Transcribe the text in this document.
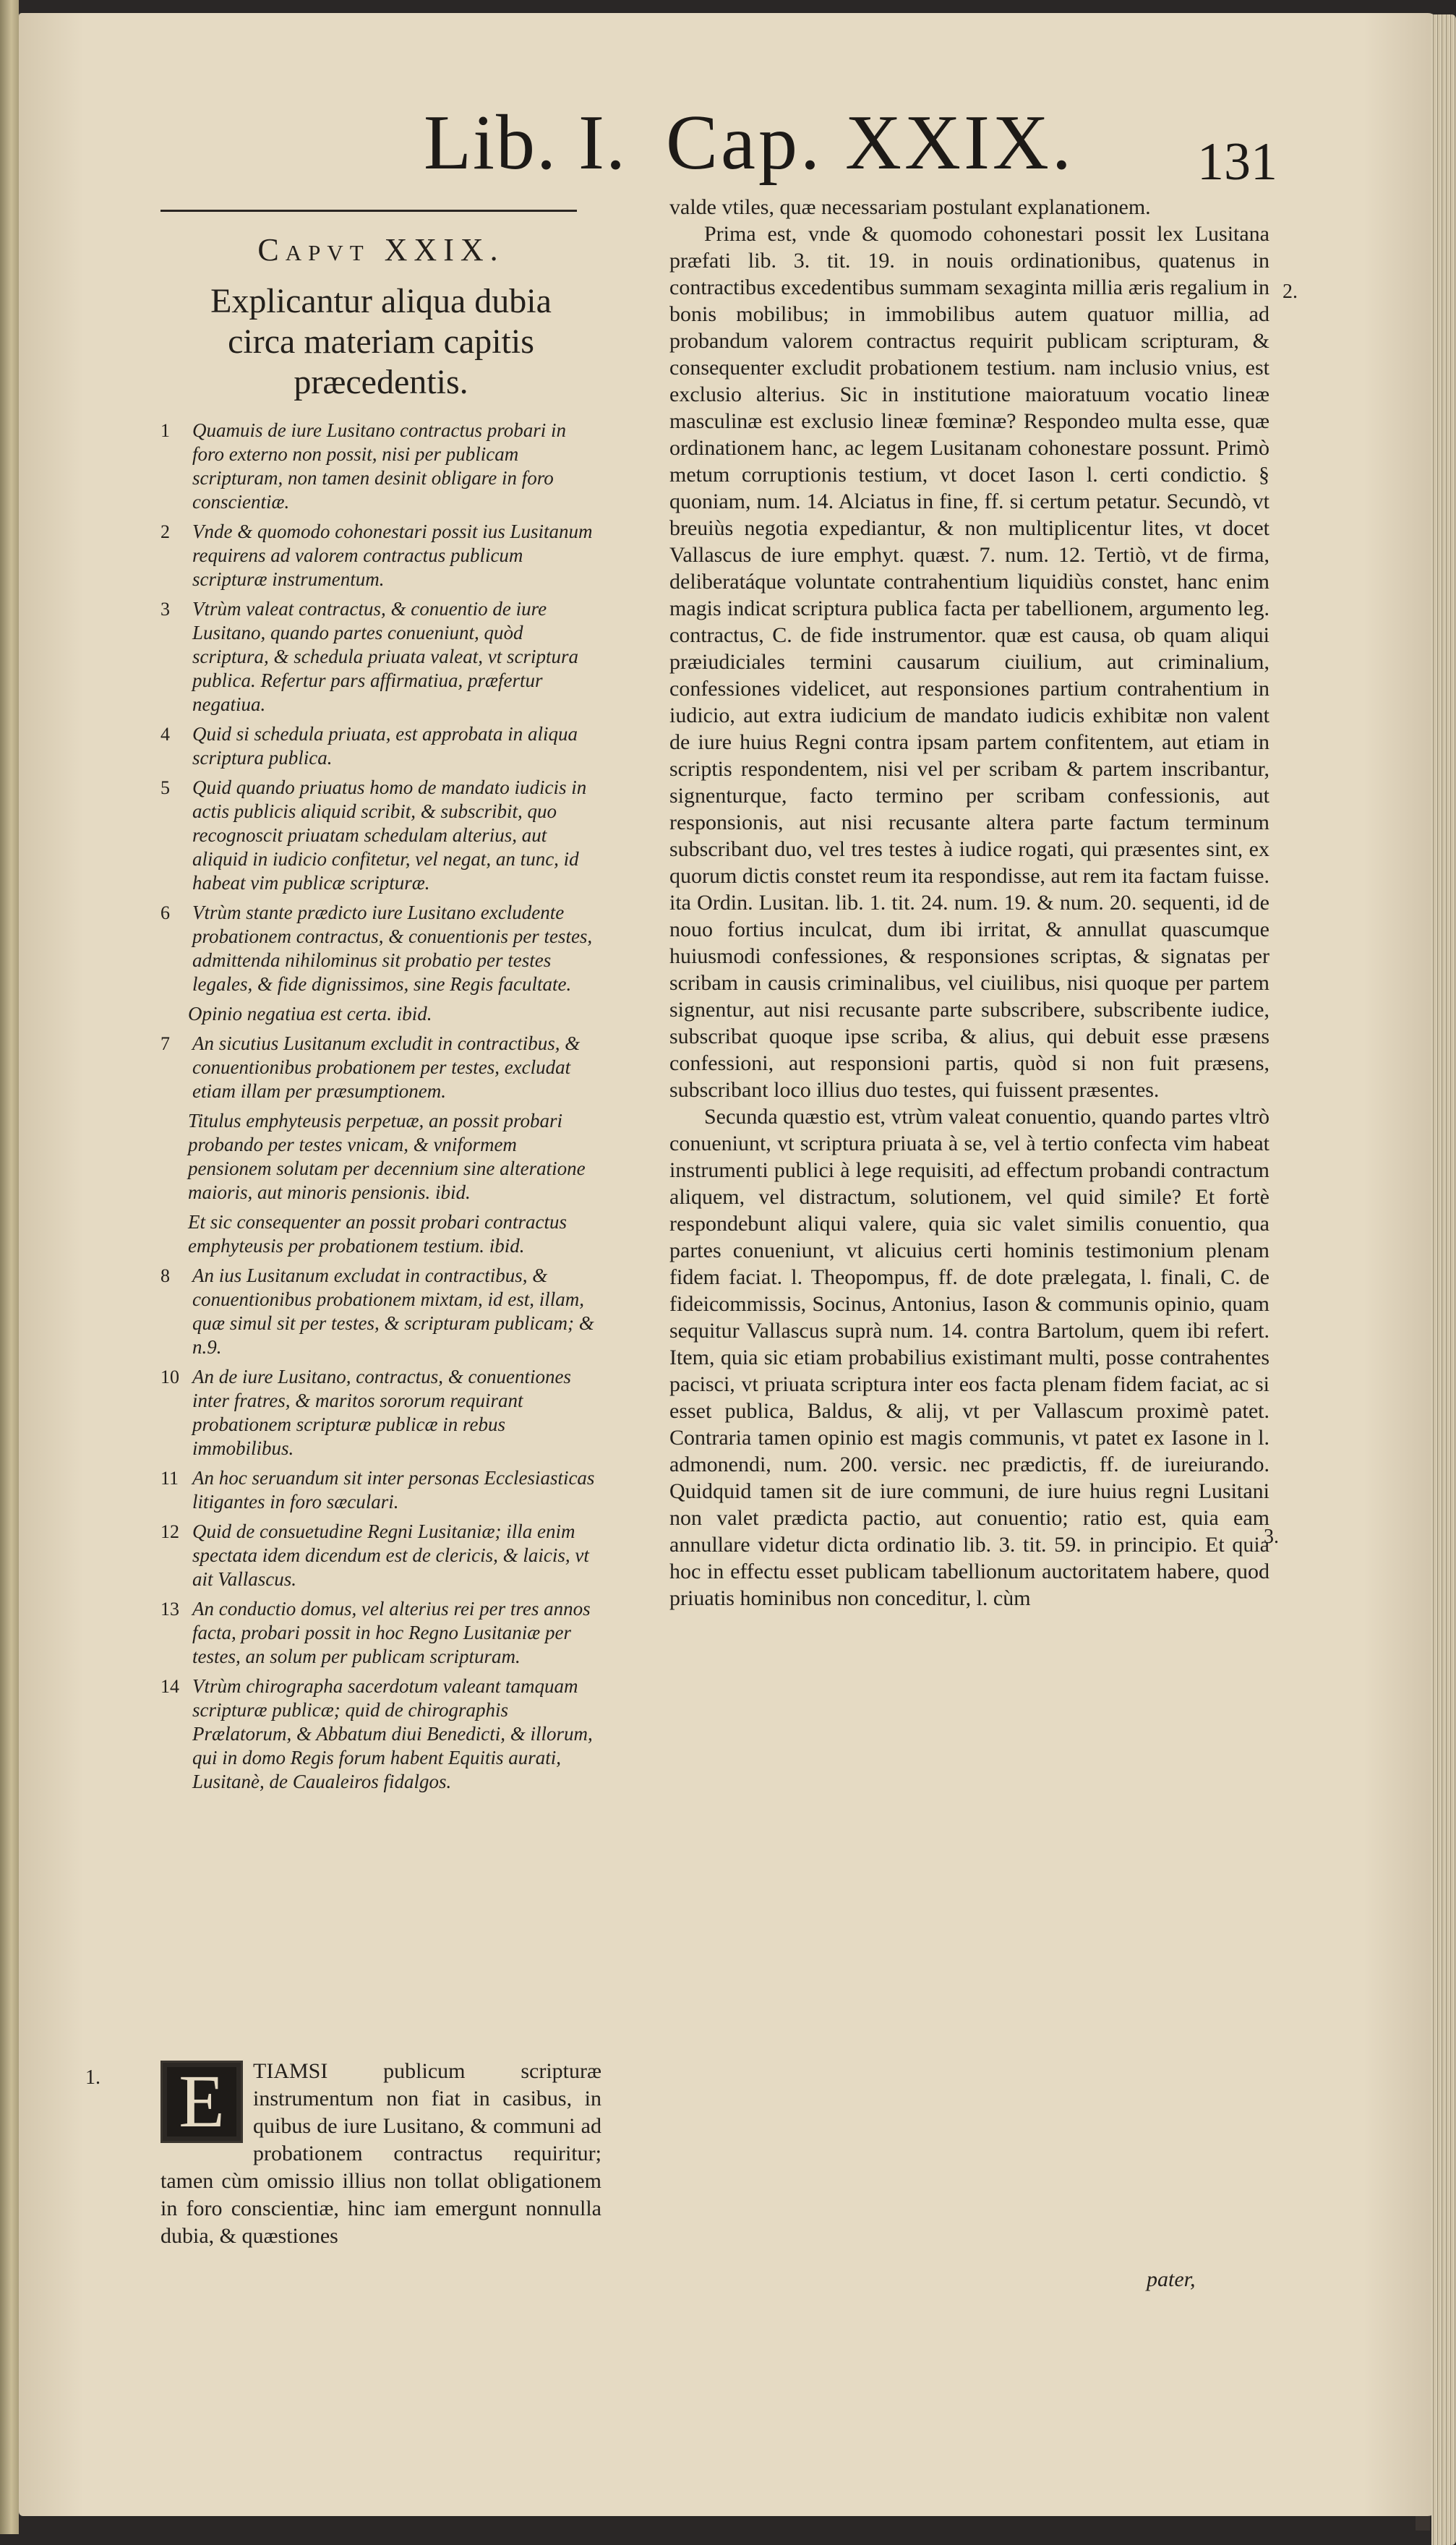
Lib. I. Cap. XXIX. 131
Capvt XXIX.
Explicantur aliqua dubia circa materiam capitis præcedentis.
1	Quamuis de iure Lusitano contractus probari in foro externo non possit, nisi per publicam scripturam, non tamen desinit obligare in foro conscientiæ.
2	Vnde & quomodo cohonestari possit ius Lusitanum requirens ad valorem contractus publicum scripturæ instrumentum.
3	Vtrùm valeat contractus, & conuentio de iure Lusitano, quando partes conueniunt, quòd scriptura, & schedula priuata valeat, vt scriptura publica. Refertur pars affirmatiua, præfertur negatiua.
4	Quid si schedula priuata, est approbata in aliqua scriptura publica.
5	Quid quando priuatus homo de mandato iudicis in actis publicis aliquid scribit, & subscribit, quo recognoscit priuatam schedulam alterius, aut aliquid in iudicio confitetur, vel negat, an tunc, id habeat vim publicæ scripturæ.
6	Vtrùm stante prædicto iure Lusitano excludente probationem contractus, & conuentionis per testes, admittenda nihilominus sit probatio per testes legales, & fide dignissimos, sine Regis facultate.
Opinio negatiua est certa. ibid.
7	An sicutius Lusitanum excludit in contractibus, & conuentionibus probationem per testes, excludat etiam illam per præsumptionem.
Titulus emphyteusis perpetuæ, an possit probari probando per testes vnicam, & vniformem pensionem solutam per decennium sine alteratione maioris, aut minoris pensionis. ibid.
Et sic consequenter an possit probari contractus emphyteusis per probationem testium. ibid.
8	An ius Lusitanum excludat in contractibus, & conuentionibus probationem mixtam, id est, illam, quæ simul sit per testes, & scripturam publicam; & n.9.
10 An de iure Lusitano, contractus, & conuentiones inter fratres, & maritos sororum requirant probationem scripturæ publicæ in rebus immobilibus.
11 An hoc seruandum sit inter personas Ecclesiasticas litigantes in foro sæculari.
12 Quid de consuetudine Regni Lusitaniæ; illa enim spectata idem dicendum est de clericis, & laicis, vt ait Vallascus.
13 An conductio domus, vel alterius rei per tres annos facta, probari possit in hoc Regno Lusitaniæ per testes, an solum per publicam scripturam.
14 Vtrùm chirographa sacerdotum valeant tamquam scripturæ publicæ; quid de chirographis Prælatorum, & Abbatum diui Benedicti, & illorum, qui in domo Regis forum habent Equitis aurati, Lusitanè, de Caualeiros fidalgos.
1. E	TIAMSI publicum scripturæ instrumentum non fiat in casibus, in quibus de iure Lusitano, & communi ad probationem contractus requiritur; tamen cùm omissio illius non tollat obligationem in foro conscientiæ, hinc iam emergunt nonnulla dubia, & quæstiones

valde vtiles, quæ necessariam postulant explanationem.

Prima est, vnde & quomodo cohonestari possit lex Lusitana præfati lib. 3. tit. 19. in nouis ordinationibus, quatenus in contractibus excedentibus summam sexaginta millia æris regalium in bonis mobilibus; in immobilibus autem quatuor millia, ad probandum valorem contractus requirit publicam scripturam, & consequenter excludit probationem testium. nam inclusio vnius, est exclusio alterius. Sic in institutione maioratuum vocatio lineæ masculinæ est exclusio lineæ fœminæ? Respondeo multa esse, quæ ordinationem hanc, ac legem Lusitanam cohonestare possunt. Primò metum corruptionis testium, vt docet Iason l. certi condictio. § quoniam, num. 14. Alciatus in fine, ff. si certum petatur. Secundò, vt breuiùs negotia expediantur, & non multiplicentur lites, vt docet Vallascus de iure emphyt. quæst. 7. num. 12. Tertiò, vt de firma, deliberatáque voluntate contrahentium liquidiùs constet, hanc enim magis indicat scriptura publica facta per tabellionem, argumento leg. contractus, C. de fide instrumentor. quæ est causa, ob quam aliqui præiudiciales termini causarum ciuilium, aut criminalium, confessiones videlicet, aut responsiones partium contrahentium in iudicio, aut extra iudicium de mandato iudicis exhibitæ non valent de iure huius Regni contra ipsam partem confitentem, aut etiam in scriptis respondentem, nisi vel per scribam & partem inscribantur, signenturque, facto termino per scribam confessionis, aut responsionis, aut nisi recusante altera parte factum terminum subscribant duo, vel tres testes à iudice rogati, qui præsentes sint, ex quorum dictis constet reum ita respondisse, aut rem ita factam fuisse. ita Ordin. Lusitan. lib. 1. tit. 24. num. 19. & num. 20. sequenti, id de nouo fortius inculcat, dum ibi irritat, & annullat quascumque huiusmodi confessiones, & responsiones scriptas, & signatas per scribam in causis criminalibus, vel ciuilibus, nisi quoque per partem signentur, aut nisi recusante parte subscribere, subscribente iudice, subscribat quoque ipse scriba, & alius, qui debuit esse præsens confessioni, aut responsioni partis, quòd si non fuit præsens, subscribant loco illius duo testes, qui fuissent præsentes.

Secunda quæstio est, vtrùm valeat conuentio, quando partes vltrò conueniunt, vt scriptura priuata à se, vel à tertio confecta vim habeat instrumenti publici à lege requisiti, ad effectum probandi contractum aliquem, vel distractum, solutionem, vel quid simile? Et fortè respondebunt aliqui valere, quia sic valet similis conuentio, qua partes conueniunt, vt alicuius certi hominis testimonium plenam fidem faciat. l. Theopompus, ff. de dote prælegata, l. finali, C. de fideicommissis, Socinus, Antonius, Iason & communis opinio, quam sequitur Vallascus suprà num. 14. contra Bartolum, quem ibi refert. Item, quia sic etiam probabilius existimant multi, posse contrahentes pacisci, vt priuata scriptura inter eos facta plenam fidem faciat, ac si esset publica, Baldus, & alij, vt per Vallascum proximè patet. Contraria tamen opinio est magis communis, vt patet ex Iasone in l. admonendi, num. 200. versic. nec prædictis, ff. de iureiurando. Quidquid tamen sit de iure communi, de iure huius regni Lusitani non valet prædicta pactio, aut conuentio; ratio est, quia eam annullare videtur dicta ordinatio lib. 3. tit. 59. in principio. Et quia hoc in effectu esset publicam tabellionum auctoritatem habere, quod priuatis hominibus non conceditur, l. cùm

2.
3.
pater,
